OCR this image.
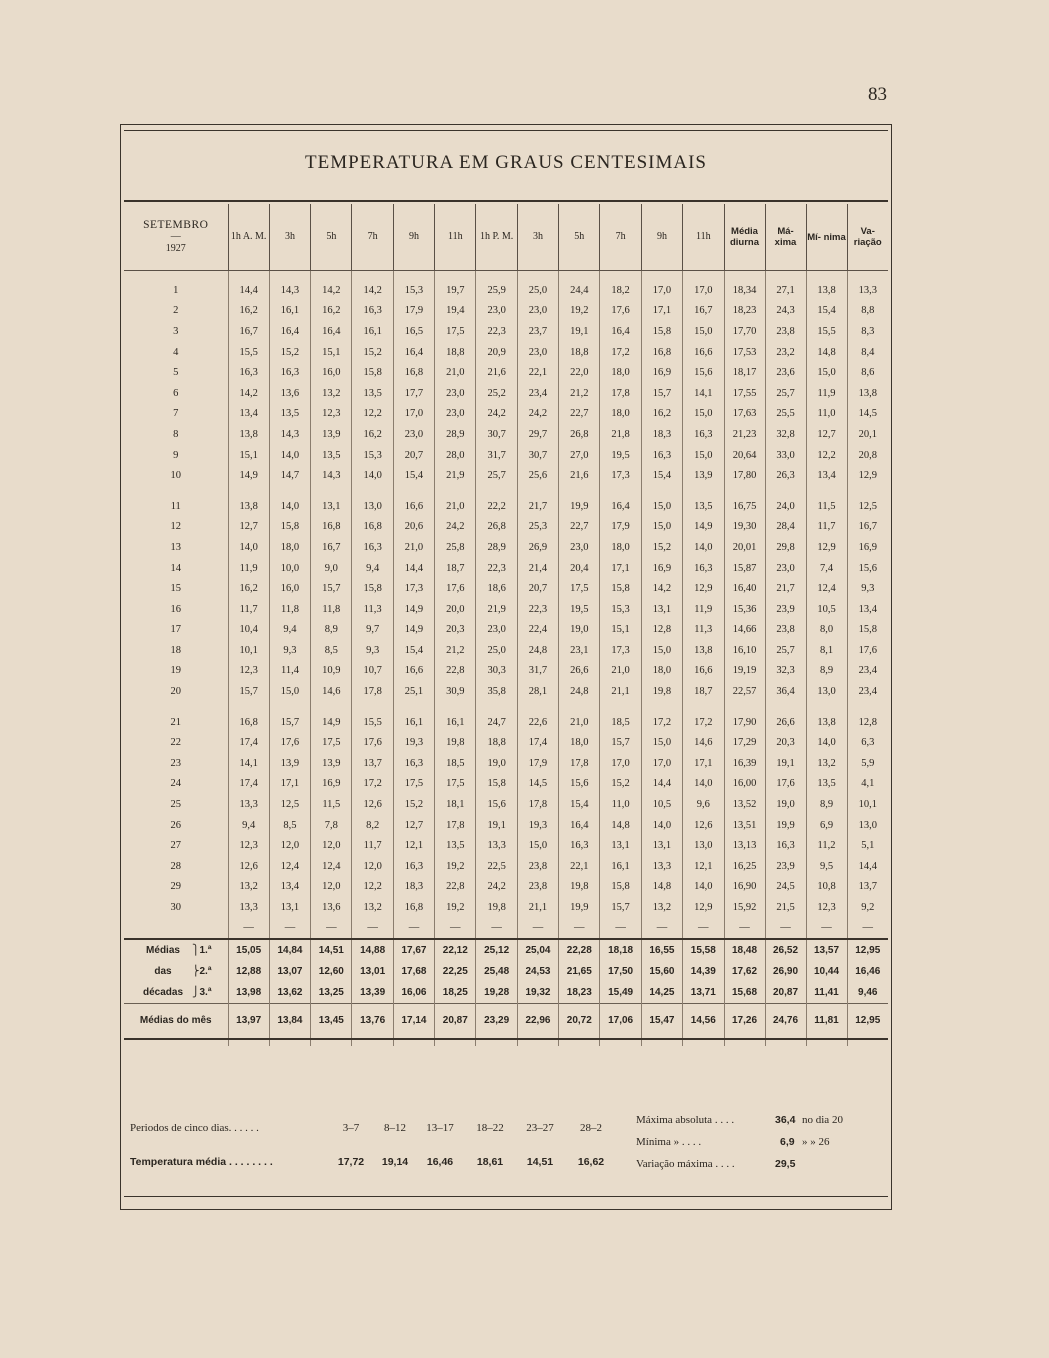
83
TEMPERATURA EM GRAUS CENTESIMAIS
SETEMBRO
—
1927	1h A. M.	3h	5h	7h	9h	11h	1h P. M.	3h	5h	7h	9h	11h	Média diurna	Má- xima	Mí- nima	Va- riação

1	14,4	14,3	14,2	14,2	15,3	19,7	25,9	25,0	24,4	18,2	17,0	17,0	18,34	27,1	13,8	13,3
2	16,2	16,1	16,2	16,3	17,9	19,4	23,0	23,0	19,2	17,6	17,1	16,7	18,23	24,3	15,4	8,8
3	16,7	16,4	16,4	16,1	16,5	17,5	22,3	23,7	19,1	16,4	15,8	15,0	17,70	23,8	15,5	8,3
4	15,5	15,2	15,1	15,2	16,4	18,8	20,9	23,0	18,8	17,2	16,8	16,6	17,53	23,2	14,8	8,4
5	16,3	16,3	16,0	15,8	16,8	21,0	21,6	22,1	22,0	18,0	16,9	15,6	18,17	23,6	15,0	8,6
6	14,2	13,6	13,2	13,5	17,7	23,0	25,2	23,4	21,2	17,8	15,7	14,1	17,55	25,7	11,9	13,8
7	13,4	13,5	12,3	12,2	17,0	23,0	24,2	24,2	22,7	18,0	16,2	15,0	17,63	25,5	11,0	14,5
8	13,8	14,3	13,9	16,2	23,0	28,9	30,7	29,7	26,8	21,8	18,3	16,3	21,23	32,8	12,7	20,1
9	15,1	14,0	13,5	15,3	20,7	28,0	31,7	30,7	27,0	19,5	16,3	15,0	20,64	33,0	12,2	20,8
10	14,9	14,7	14,3	14,0	15,4	21,9	25,7	25,6	21,6	17,3	15,4	13,9	17,80	26,3	13,4	12,9

11	13,8	14,0	13,1	13,0	16,6	21,0	22,2	21,7	19,9	16,4	15,0	13,5	16,75	24,0	11,5	12,5
12	12,7	15,8	16,8	16,8	20,6	24,2	26,8	25,3	22,7	17,9	15,0	14,9	19,30	28,4	11,7	16,7
13	14,0	18,0	16,7	16,3	21,0	25,8	28,9	26,9	23,0	18,0	15,2	14,0	20,01	29,8	12,9	16,9
14	11,9	10,0	9,0	9,4	14,4	18,7	22,3	21,4	20,4	17,1	16,9	16,3	15,87	23,0	7,4	15,6
15	16,2	16,0	15,7	15,8	17,3	17,6	18,6	20,7	17,5	15,8	14,2	12,9	16,40	21,7	12,4	9,3
16	11,7	11,8	11,8	11,3	14,9	20,0	21,9	22,3	19,5	15,3	13,1	11,9	15,36	23,9	10,5	13,4
17	10,4	9,4	8,9	9,7	14,9	20,3	23,0	22,4	19,0	15,1	12,8	11,3	14,66	23,8	8,0	15,8
18	10,1	9,3	8,5	9,3	15,4	21,2	25,0	24,8	23,1	17,3	15,0	13,8	16,10	25,7	8,1	17,6
19	12,3	11,4	10,9	10,7	16,6	22,8	30,3	31,7	26,6	21,0	18,0	16,6	19,19	32,3	8,9	23,4
20	15,7	15,0	14,6	17,8	25,1	30,9	35,8	28,1	24,8	21,1	19,8	18,7	22,57	36,4	13,0	23,4

21	16,8	15,7	14,9	15,5	16,1	16,1	24,7	22,6	21,0	18,5	17,2	17,2	17,90	26,6	13,8	12,8
22	17,4	17,6	17,5	17,6	19,3	19,8	18,8	17,4	18,0	15,7	15,0	14,6	17,29	20,3	14,0	6,3
23	14,1	13,9	13,9	13,7	16,3	18,5	19,0	17,9	17,8	17,0	17,0	17,1	16,39	19,1	13,2	5,9
24	17,4	17,1	16,9	17,2	17,5	17,5	15,8	14,5	15,6	15,2	14,4	14,0	16,00	17,6	13,5	4,1
25	13,3	12,5	11,5	12,6	15,2	18,1	15,6	17,8	15,4	11,0	10,5	9,6	13,52	19,0	8,9	10,1
26	9,4	8,5	7,8	8,2	12,7	17,8	19,1	19,3	16,4	14,8	14,0	12,6	13,51	19,9	6,9	13,0
27	12,3	12,0	12,0	11,7	12,1	13,5	13,3	15,0	16,3	13,1	13,1	13,0	13,13	16,3	11,2	5,1
28	12,6	12,4	12,4	12,0	16,3	19,2	22,5	23,8	22,1	16,1	13,3	12,1	16,25	23,9	9,5	14,4
29	13,2	13,4	12,0	12,2	18,3	22,8	24,2	23,8	19,8	15,8	14,8	14,0	16,90	24,5	10,8	13,7
30	13,3	13,1	13,6	13,2	16,8	19,2	19,8	21,1	19,9	15,7	13,2	12,9	15,92	21,5	12,3	9,2
	—	—	—	—	—	—	—	—	—	—	—	—	—	—	—	—
Médias ⎫1.ª	15,05	14,84	14,51	14,88	17,67	22,12	25,12	25,04	22,28	18,18	16,55	15,58	18,48	26,52	13,57	12,95
das ⎬2.ª	12,88	13,07	12,60	13,01	17,68	22,25	25,48	24,53	21,65	17,50	15,60	14,39	17,62	26,90	10,44	16,46
décadas ⎭3.ª	13,98	13,62	13,25	13,39	16,06	18,25	19,28	19,32	18,23	15,49	14,25	13,71	15,68	20,87	11,41	9,46
Médias do mês	13,97	13,84	13,45	13,76	17,14	20,87	23,29	22,96	20,72	17,06	15,47	14,56	17,26	24,76	11,81	12,95

Periodos de cinco dias. . . . . .	3–7	8–12	13–17	18–22	23–27	28–2
Temperatura média . . . . . . . .	17,72	19,14	16,46	18,61	14,51	16,62
Máxima absoluta . . . .	36,4 no dia 20
Mínima » . . . .	6,9 » » 26
Variação máxima . . . .	29,5
